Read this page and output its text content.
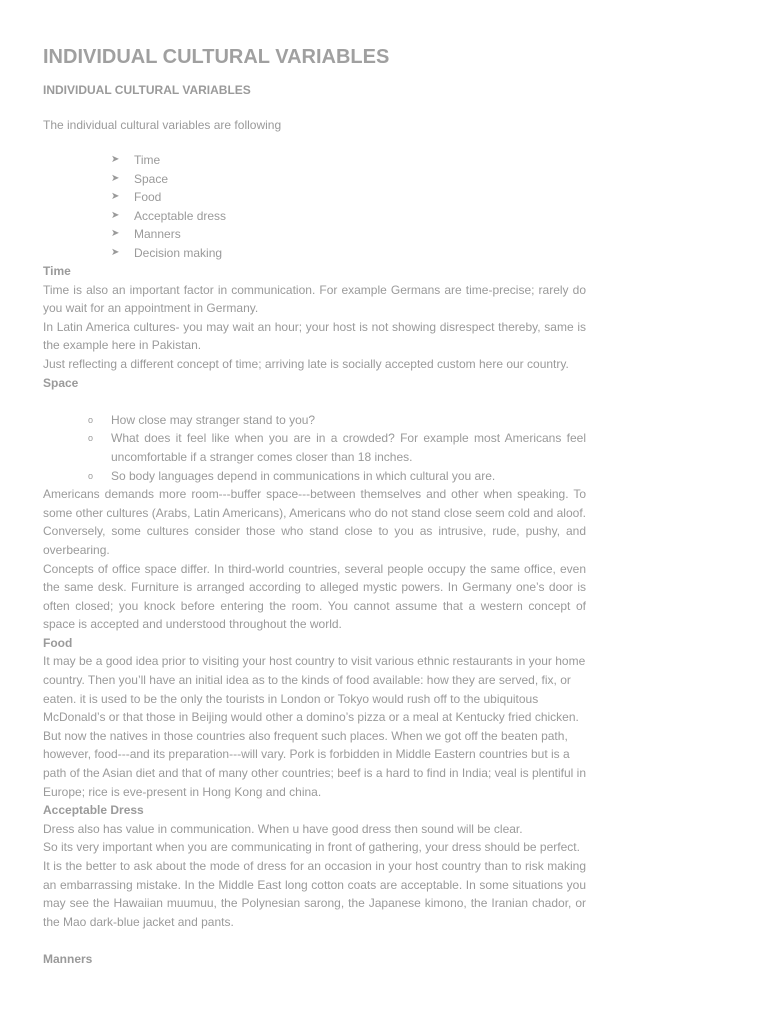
INDIVIDUAL CULTURAL VARIABLES
INDIVIDUAL CULTURAL VARIABLES

The individual cultural variables are following

➤	Time
➤	Space
➤	Food
➤	Acceptable dress
➤	Manners
➤	Decision making

Time

Time is also an important factor in communication. For example Germans are time-precise; rarely do you wait for an appointment in Germany.

In Latin America cultures- you may wait an hour; your host is not showing disrespect thereby, same is the example here in Pakistan.

Just reflecting a different concept of time; arriving late is socially accepted custom here our country.

Space

o	How close may stranger stand to you?
o	What does it feel like when you are in a crowded? For example most Americans feel uncomfortable if a stranger comes closer than 18 inches.
o	So body languages depend in communications in which cultural you are.

Americans demands more room---buffer space---between themselves and other when speaking. To some other cultures (Arabs, Latin Americans), Americans who do not stand close seem cold and aloof. Conversely, some cultures consider those who stand close to you as intrusive, rude, pushy, and overbearing.

Concepts of office space differ. In third-world countries, several people occupy the same office, even the same desk. Furniture is arranged according to alleged mystic powers. In Germany one’s door is often closed; you knock before entering the room. You cannot assume that a western concept of space is accepted and understood throughout the world.

Food

It may be a good idea prior to visiting your host country to visit various ethnic restaurants in your home country. Then you’ll have an initial idea as to the kinds of food available: how they are served, fix, or eaten. it is used to be the only the tourists in London or Tokyo would rush off to the ubiquitous McDonald’s or that those in Beijing would other a domino’s pizza or a meal at Kentucky fried chicken. But now the natives in those countries also frequent such places. When we got off the beaten path, however, food---and its preparation---will vary. Pork is forbidden in Middle Eastern countries but is a path of the Asian diet and that of many other countries; beef is a hard to find in India; veal is plentiful in Europe; rice is eve-present in Hong Kong and china.

Acceptable Dress

Dress also has value in communication. When u have good dress then sound will be clear.

So its very important when you are communicating in front of gathering, your dress should be perfect.

It is the better to ask about the mode of dress for an occasion in your host country than to risk making an embarrassing mistake. In the Middle East long cotton coats are acceptable. In some situations you may see the Hawaiian muumuu, the Polynesian sarong, the Japanese kimono, the Iranian chador, or the Mao dark-blue jacket and pants.

Manners
